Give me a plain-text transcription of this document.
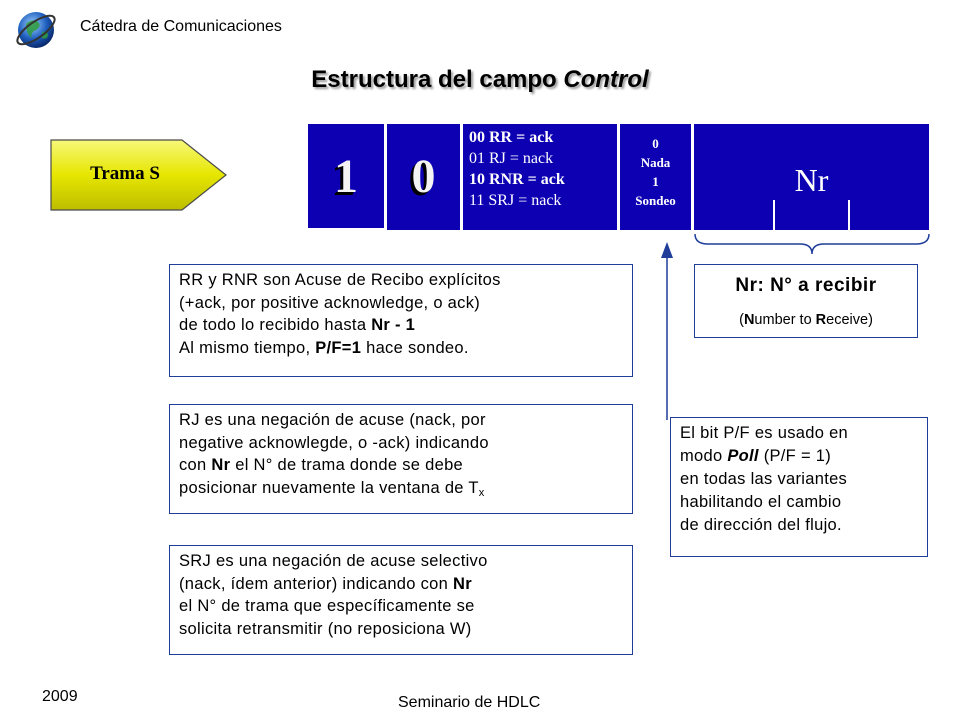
Cátedra de Comunicaciones
Estructura del campo Control
Trama S	1	0
00 RR = ack
01 RJ = nack
10 RNR = ack
11 SRJ = nack
0
Nada
1
Sondeo
Nr
Nr: N° a recibir
(Number to Receive)
RR y RNR son Acuse de Recibo explícitos
(+ack, por positive acknowledge, o ack)
de todo lo recibido hasta Nr - 1
Al mismo tiempo, P/F=1 hace sondeo.
RJ es una negación de acuse (nack, por
negative acknowlegde, o -ack) indicando
con Nr el N° de trama donde se debe
posicionar nuevamente la ventana de $T_x$
SRJ es una negación de acuse selectivo
(nack, ídem anterior) indicando con Nr
el N° de trama que específicamente se
solicita retransmitir (no reposiciona W)
El bit P/F es usado en
modo Poll (P/F = 1)
en todas las variantes
habilitando el cambio
de dirección del flujo.
2009	Seminario de HDLC
